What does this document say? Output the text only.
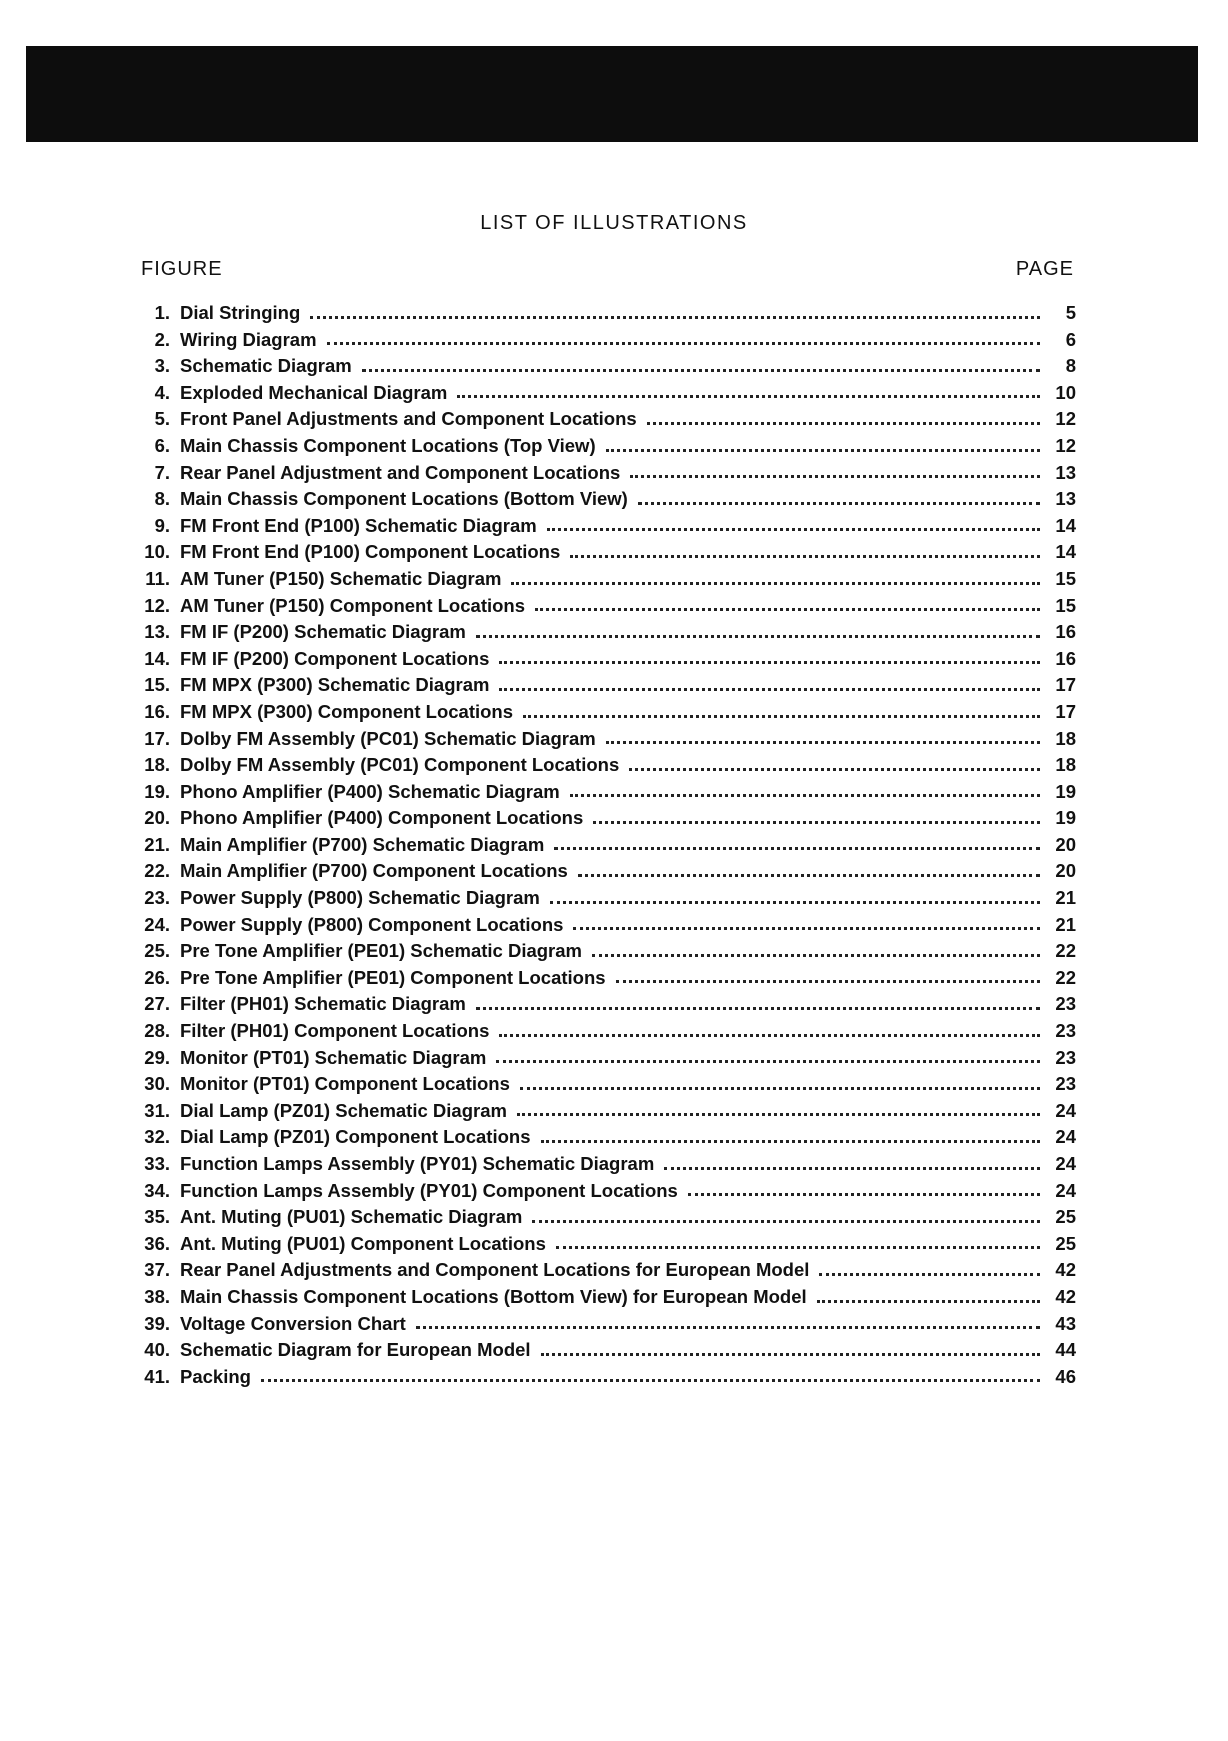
LIST OF ILLUSTRATIONS
FIGURE	PAGE
1. Dial Stringing	5
2. Wiring Diagram	6
3. Schematic Diagram	8
4. Exploded Mechanical Diagram	10
5. Front Panel Adjustments and Component Locations	12
6. Main Chassis Component Locations (Top View)	12
7. Rear Panel Adjustment and Component Locations	13
8. Main Chassis Component Locations (Bottom View)	13
9. FM Front End (P100) Schematic Diagram	14
10. FM Front End (P100) Component Locations	14
11. AM Tuner (P150) Schematic Diagram	15
12. AM Tuner (P150) Component Locations	15
13. FM IF (P200) Schematic Diagram	16
14. FM IF (P200) Component Locations	16
15. FM MPX (P300) Schematic Diagram	17
16. FM MPX (P300) Component Locations	17
17. Dolby FM Assembly (PC01) Schematic Diagram	18
18. Dolby FM Assembly (PC01) Component Locations	18
19. Phono Amplifier (P400) Schematic Diagram	19
20. Phono Amplifier (P400) Component Locations	19
21. Main Amplifier (P700) Schematic Diagram	20
22. Main Amplifier (P700) Component Locations	20
23. Power Supply (P800) Schematic Diagram	21
24. Power Supply (P800) Component Locations	21
25. Pre Tone Amplifier (PE01) Schematic Diagram	22
26. Pre Tone Amplifier (PE01) Component Locations	22
27. Filter (PH01) Schematic Diagram	23
28. Filter (PH01) Component Locations	23
29. Monitor (PT01) Schematic Diagram	23
30. Monitor (PT01) Component Locations	23
31. Dial Lamp (PZ01) Schematic Diagram	24
32. Dial Lamp (PZ01) Component Locations	24
33. Function Lamps Assembly (PY01) Schematic Diagram	24
34. Function Lamps Assembly (PY01) Component Locations	24
35. Ant. Muting (PU01) Schematic Diagram	25
36. Ant. Muting (PU01) Component Locations	25
37. Rear Panel Adjustments and Component Locations for European Model	42
38. Main Chassis Component Locations (Bottom View) for European Model	42
39. Voltage Conversion Chart	43
40. Schematic Diagram for European Model	44
41. Packing	46
